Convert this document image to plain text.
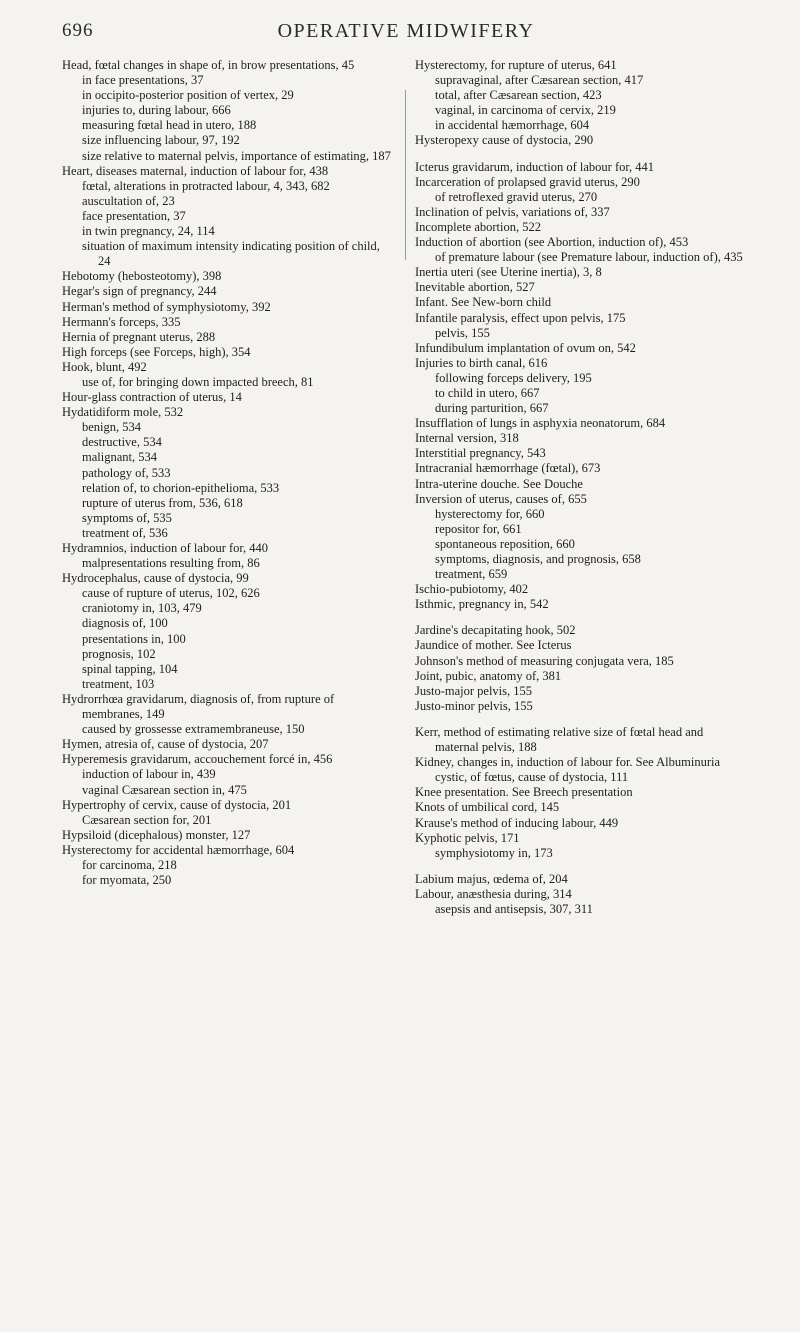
696	OPERATIVE MIDWIFERY

Head, fœtal changes in shape of, in brow presentations, 45

in face presentations, 37

in occipito-posterior position of vertex, 29

injuries to, during labour, 666

measuring fœtal head in utero, 188

size influencing labour, 97, 192

size relative to maternal pelvis, importance of estimating, 187

Heart, diseases maternal, induction of labour for, 438

fœtal, alterations in protracted labour, 4, 343, 682

auscultation of, 23

face presentation, 37

in twin pregnancy, 24, 114

situation of maximum intensity indicating position of child, 24

Hebotomy (hebosteotomy), 398

Hegar's sign of pregnancy, 244

Herman's method of symphysiotomy, 392

Hermann's forceps, 335

Hernia of pregnant uterus, 288

High forceps (see Forceps, high), 354

Hook, blunt, 492

use of, for bringing down impacted breech, 81

Hour-glass contraction of uterus, 14

Hydatidiform mole, 532

benign, 534

destructive, 534

malignant, 534

pathology of, 533

relation of, to chorion-epithelioma, 533

rupture of uterus from, 536, 618

symptoms of, 535

treatment of, 536

Hydramnios, induction of labour for, 440

malpresentations resulting from, 86

Hydrocephalus, cause of dystocia, 99

cause of rupture of uterus, 102, 626

craniotomy in, 103, 479

diagnosis of, 100

presentations in, 100

prognosis, 102

spinal tapping, 104

treatment, 103

Hydrorrhœa gravidarum, diagnosis of, from rupture of membranes, 149

caused by grossesse extramembraneuse, 150

Hymen, atresia of, cause of dystocia, 207

Hyperemesis gravidarum, accouchement forcé in, 456

induction of labour in, 439

vaginal Cæsarean section in, 475

Hypertrophy of cervix, cause of dystocia, 201

Cæsarean section for, 201

Hypsiloid (dicephalous) monster, 127

Hysterectomy for accidental hæmorrhage, 604

for carcinoma, 218

for myomata, 250

Hysterectomy, for rupture of uterus, 641

supravaginal, after Cæsarean section, 417

total, after Cæsarean section, 423

vaginal, in carcinoma of cervix, 219

in accidental hæmorrhage, 604

Hysteropexy cause of dystocia, 290

Icterus gravidarum, induction of labour for, 441

Incarceration of prolapsed gravid uterus, 290

of retroflexed gravid uterus, 270

Inclination of pelvis, variations of, 337

Incomplete abortion, 522

Induction of abortion (see Abortion, induction of), 453

of premature labour (see Premature labour, induction of), 435

Inertia uteri (see Uterine inertia), 3, 8

Inevitable abortion, 527

Infant. See New-born child

Infantile paralysis, effect upon pelvis, 175

pelvis, 155

Infundibulum implantation of ovum on, 542

Injuries to birth canal, 616

following forceps delivery, 195

to child in utero, 667

during parturition, 667

Insufflation of lungs in asphyxia neonatorum, 684

Internal version, 318

Interstitial pregnancy, 543

Intracranial hæmorrhage (fœtal), 673

Intra-uterine douche. See Douche

Inversion of uterus, causes of, 655

hysterectomy for, 660

repositor for, 661

spontaneous reposition, 660

symptoms, diagnosis, and prognosis, 658

treatment, 659

Ischio-pubiotomy, 402

Isthmic, pregnancy in, 542

Jardine's decapitating hook, 502

Jaundice of mother. See Icterus

Johnson's method of measuring conjugata vera, 185

Joint, pubic, anatomy of, 381

Justo-major pelvis, 155

Justo-minor pelvis, 155

Kerr, method of estimating relative size of fœtal head and maternal pelvis, 188

Kidney, changes in, induction of labour for. See Albuminuria

cystic, of fœtus, cause of dystocia, 111

Knee presentation. See Breech presentation

Knots of umbilical cord, 145

Krause's method of inducing labour, 449

Kyphotic pelvis, 171

symphysiotomy in, 173

Labium majus, œdema of, 204

Labour, anæsthesia during, 314

asepsis and antisepsis, 307, 311
